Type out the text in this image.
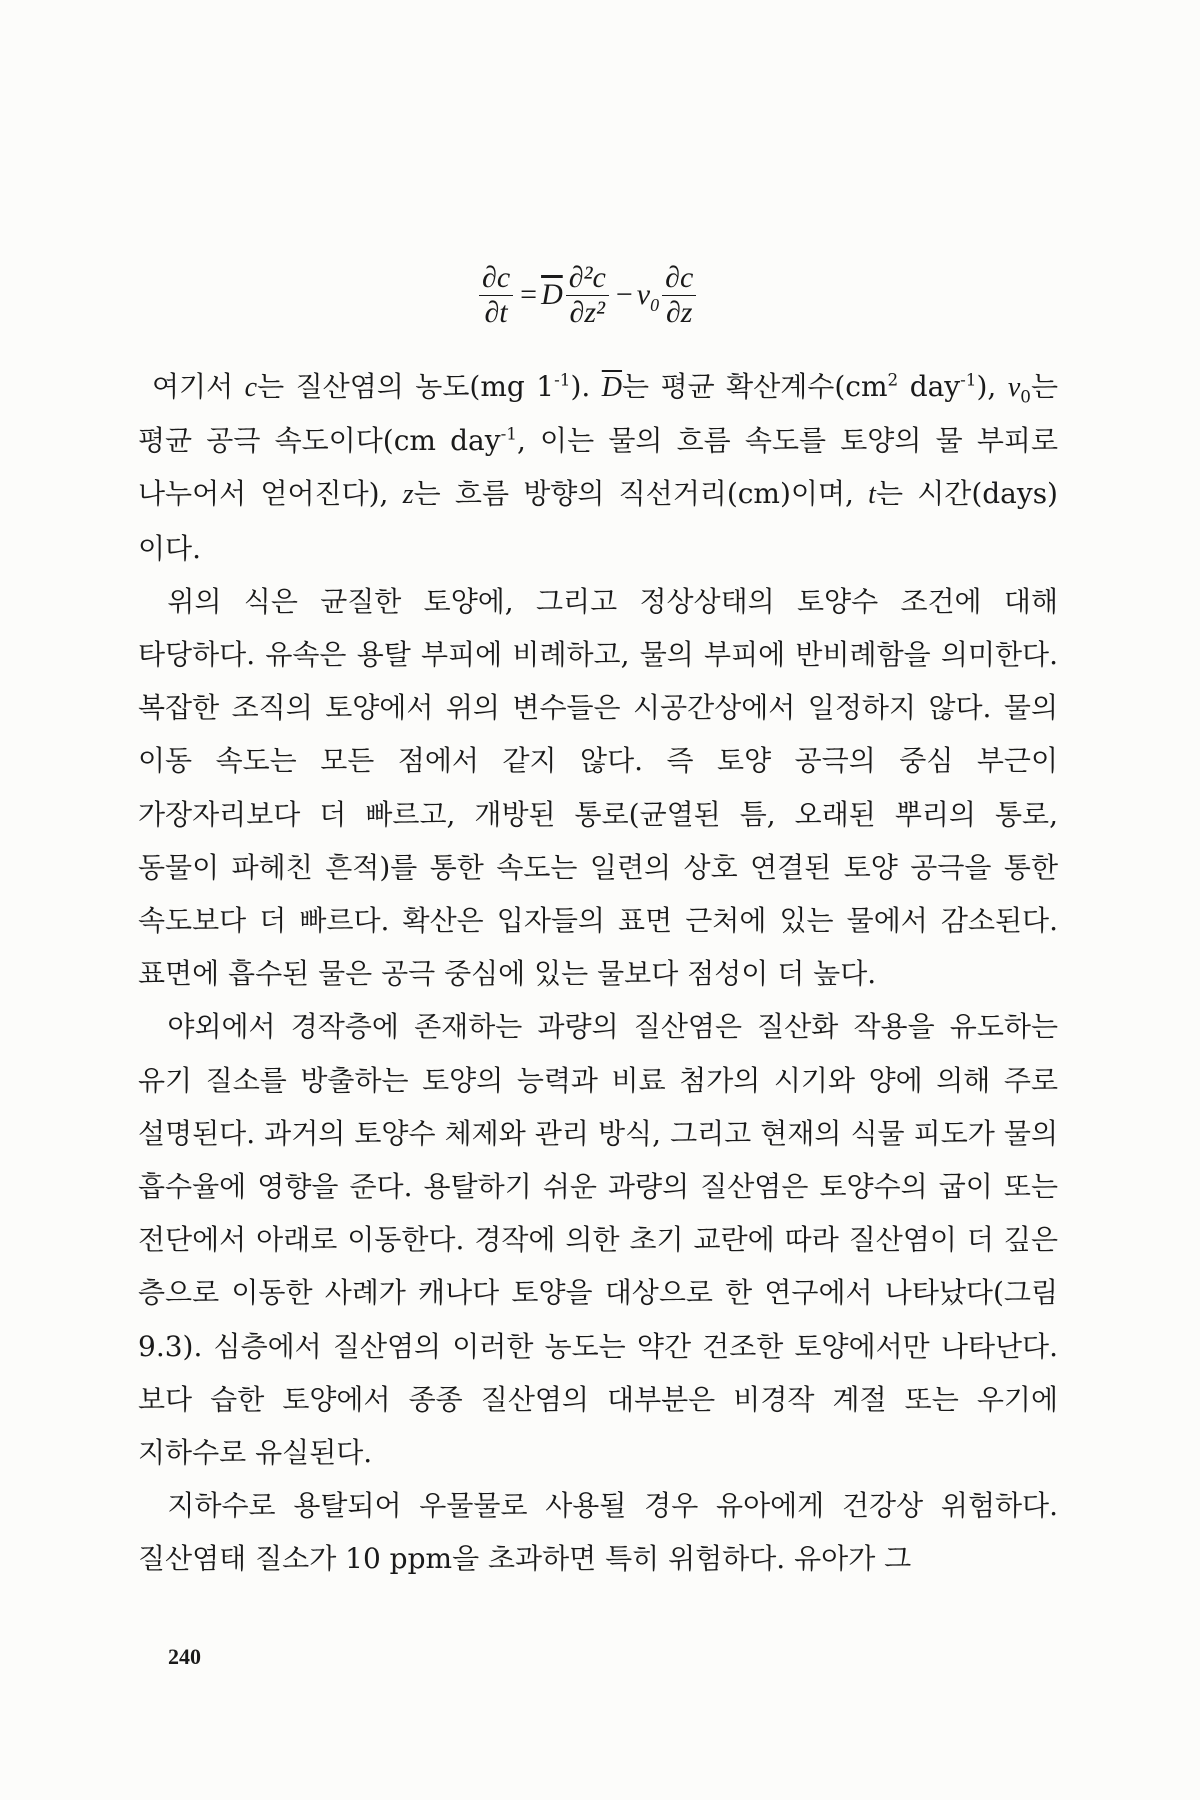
$\frac{\partial c}{\partial t} = \overline{D} \frac{\text{∂²c}}{\text{∂z²}} - v_0 \frac{\partial c}{\partial z}$

여기서 c는 질산염의 농도(mg $1^{-1}$). $\overline{D}$는 평균 확산계수($cm^2$ day$^{-1}$), $v_0$는 평균 공극 속도이다(cm day$^{-1}$, 이는 물의 흐름 속도를 토양의 물 부피로 나누어서 얻어진다), z는 흐름 방향의 직선거리(cm)이며, t는 시간(days)이다.

위의 식은 균질한 토양에, 그리고 정상상태의 토양수 조건에 대해 타당하다. 유속은 용탈 부피에 비례하고, 물의 부피에 반비례함을 의미한다. 복잡한 조직의 토양에서 위의 변수들은 시공간상에서 일정하지 않다. 물의 이동 속도는 모든 점에서 같지 않다. 즉 토양 공극의 중심 부근이 가장자리보다 더 빠르고, 개방된 통로(균열된 틈, 오래된 뿌리의 통로, 동물이 파헤친 흔적)를 통한 속도는 일련의 상호 연결된 토양 공극을 통한 속도보다 더 빠르다. 확산은 입자들의 표면 근처에 있는 물에서 감소된다. 표면에 흡수된 물은 공극 중심에 있는 물보다 점성이 더 높다.

야외에서 경작층에 존재하는 과량의 질산염은 질산화 작용을 유도하는 유기 질소를 방출하는 토양의 능력과 비료 첨가의 시기와 양에 의해 주로 설명된다. 과거의 토양수 체제와 관리 방식, 그리고 현재의 식물 피도가 물의 흡수율에 영향을 준다. 용탈하기 쉬운 과량의 질산염은 토양수의 굽이 또는 전단에서 아래로 이동한다. 경작에 의한 초기 교란에 따라 질산염이 더 깊은 층으로 이동한 사례가 캐나다 토양을 대상으로 한 연구에서 나타났다(그림 9.3). 심층에서 질산염의 이러한 농도는 약간 건조한 토양에서만 나타난다. 보다 습한 토양에서 종종 질산염의 대부분은 비경작 계절 또는 우기에 지하수로 유실된다.

지하수로 용탈되어 우물물로 사용될 경우 유아에게 건강상 위험하다. 질산염태 질소가 10 ppm을 초과하면 특히 위험하다. 유아가 그

240
